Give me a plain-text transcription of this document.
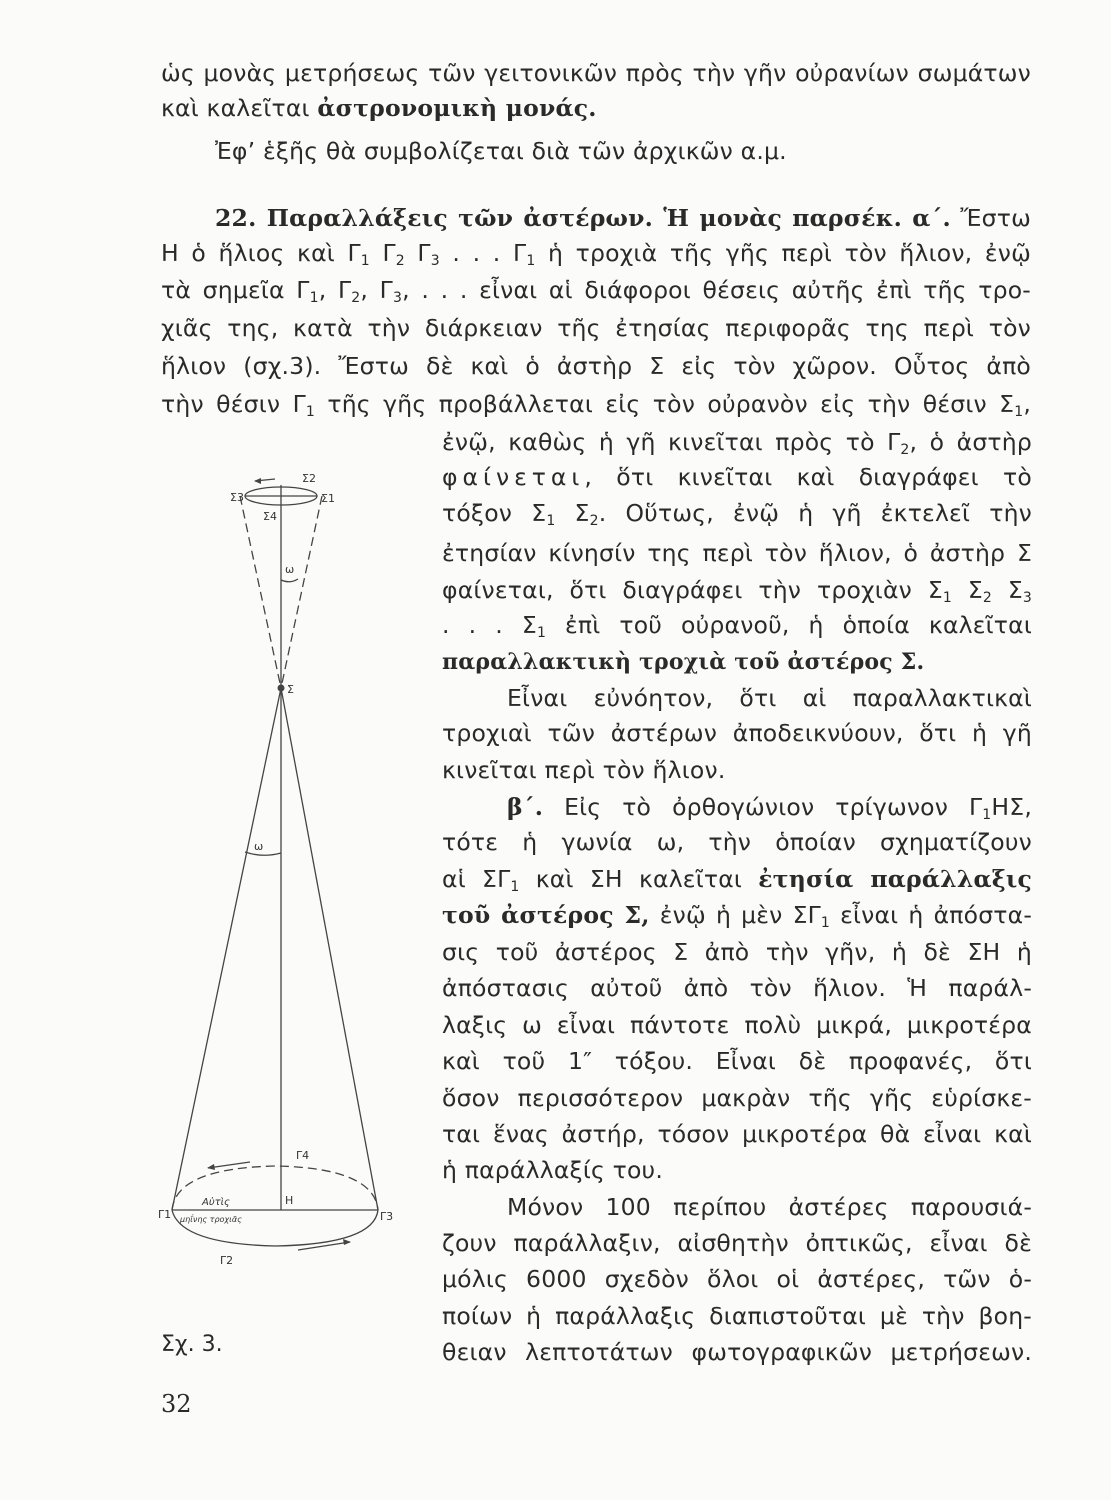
ὡς μονὰς μετρήσεως τῶν γειτονικῶν πρὸς τὴν γῆν οὐρανίων σωμάτων
καὶ καλεῖται ἀστρονομικὴ μονάς.
Ἐφ’ ἑξῆς θὰ συμβολίζεται διὰ τῶν ἀρχικῶν α.μ.
22. Παραλλάξεις τῶν ἀστέρων. Ἡ μονὰς παρσέκ. α΄. Ἔστω
Η ὁ ἥλιος καὶ $\Gamma_1$ $\Gamma_2$ $\Gamma_3$ . . . $\Gamma_1$ ἡ τροχιὰ τῆς γῆς περὶ τὸν ἥλιον, ἐνῷ
τὰ σημεῖα $\Gamma_1$, $\Gamma_2$, $\Gamma_3$, . . . εἶναι αἱ διάφοροι θέσεις αὐτῆς ἐπὶ τῆς τρο-
χιᾶς της, κατὰ τὴν διάρκειαν τῆς ἐτησίας περιφορᾶς της περὶ τὸν
ἥλιον (σχ.3). Ἔστω δὲ καὶ ὁ ἀστὴρ Σ εἰς τὸν χῶρον. Οὗτος ἀπὸ
τὴν θέσιν $\Gamma_1$ τῆς γῆς προβάλλεται εἰς τὸν οὐρανὸν εἰς τὴν θέσιν $\Sigma_1$,
ἐνῷ, καθὼς ἡ γῆ κινεῖται πρὸς τὸ $\Gamma_2$, ὁ ἀστὴρ
φαίνεται, ὅτι κινεῖται καὶ διαγράφει τὸ
τόξον $\Sigma_1$ $\Sigma_2$. Οὕτως, ἐνῷ ἡ γῆ ἐκτελεῖ τὴν
ἐτησίαν κίνησίν της περὶ τὸν ἥλιον, ὁ ἀστὴρ Σ
φαίνεται, ὅτι διαγράφει τὴν τροχιὰν $\Sigma_1$ $\Sigma_2$ $\Sigma_3$
. . . $\Sigma_1$ ἐπὶ τοῦ οὐρανοῦ, ἡ ὁποία καλεῖται
παραλλακτικὴ τροχιὰ τοῦ ἀστέρος Σ.
Εἶναι εὐνόητον, ὅτι αἱ παραλλακτικαὶ
τροχιαὶ τῶν ἀστέρων ἀποδεικνύουν, ὅτι ἡ γῆ
κινεῖται περὶ τὸν ἥλιον.
β΄. Εἰς τὸ ὀρθογώνιον τρίγωνον $\Gamma_1H\Sigma$,
τότε ἡ γωνία ω, τὴν ὁποίαν σχηματίζουν
αἱ $\Sigma\Gamma_1$ καὶ ΣΗ καλεῖται ἐτησία παράλλαξις
τοῦ ἀστέρος Σ, ἐνῷ ἡ μὲν $\Sigma\Gamma_1$ εἶναι ἡ ἀπόστα-
σις τοῦ ἀστέρος Σ ἀπὸ τὴν γῆν, ἡ δὲ ΣΗ ἡ
ἀπόστασις αὐτοῦ ἀπὸ τὸν ἥλιον. Ἡ παράλ-
λαξις ω εἶναι πάντοτε πολὺ μικρά, μικροτέρα
καὶ τοῦ 1″ τόξου. Εἶναι δὲ προφανές, ὅτι
ὅσον περισσότερον μακρὰν τῆς γῆς εὑρίσκε-
ται ἕνας ἀστήρ, τόσον μικροτέρα θὰ εἶναι καὶ
ἡ παράλλαξίς του.
Μόνον 100 περίπου ἀστέρες παρουσιά-
ζουν παράλλαξιν, αἰσθητὴν ὀπτικῶς, εἶναι δὲ
μόλις 6000 σχεδὸν ὅλοι οἱ ἀστέρες, τῶν ὁ-
ποίων ἡ παράλλαξις διαπιστοῦται μὲ τὴν βοη-
θειαν λεπτοτάτων φωτογραφικῶν μετρήσεων.
Σ3
Σ2
Σ1
Σ4
ω
Σ
ω
Γ4
Γ1	Γ3
Γ2
Η
Αὐτὶς
μηΐνης τροχιᾶς
Σχ. 3.
32
